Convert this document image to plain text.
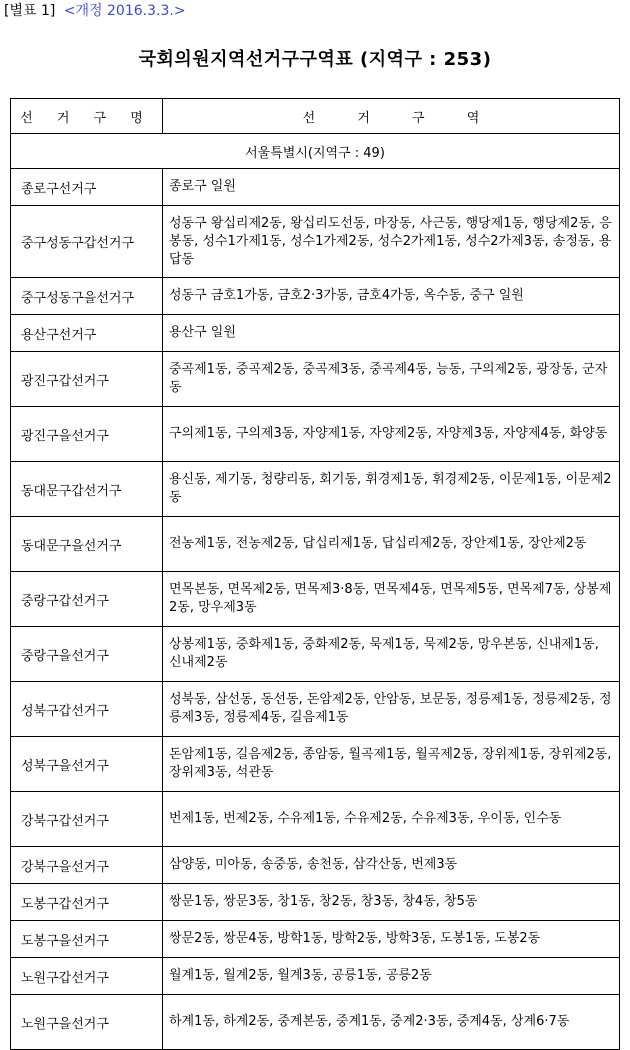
[별표 1] <개정 2016.3.3.>
국회의원지역선거구구역표 (지역구 : 253)
선 거 구 명	선 거 구 역
서울특별시(지역구 : 49)	
종로구선거구	종로구 일원
중구성동구갑선거구	성동구 왕십리제2동, 왕십리도선동, 마장동, 사근동, 행당제1동, 행당제2동, 응봉동, 성수1가제1동, 성수1가제2동, 성수2가제1동, 성수2가제3동, 송정동, 용답동
중구성동구을선거구	성동구 금호1가동, 금호2·3가동, 금호4가동, 옥수동, 중구 일원
용산구선거구	용산구 일원
광진구갑선거구	중곡제1동, 중곡제2동, 중곡제3동, 중곡제4동, 능동, 구의제2동, 광장동, 군자동
광진구을선거구	구의제1동, 구의제3동, 자양제1동, 자양제2동, 자양제3동, 자양제4동, 화양동
동대문구갑선거구	용신동, 제기동, 청량리동, 회기동, 휘경제1동, 휘경제2동, 이문제1동, 이문제2동
동대문구을선거구	전농제1동, 전농제2동, 답십리제1동, 답십리제2동, 장안제1동, 장안제2동
중랑구갑선거구	면목본동, 면목제2동, 면목제3·8동, 면목제4동, 면목제5동, 면목제7동, 상봉제2동, 망우제3동
중랑구을선거구	상봉제1동, 중화제1동, 중화제2동, 묵제1동, 묵제2동, 망우본동, 신내제1동, 신내제2동
성북구갑선거구	성북동, 삼선동, 동선동, 돈암제2동, 안암동, 보문동, 정릉제1동, 정릉제2동, 정릉제3동, 정릉제4동, 길음제1동
성북구을선거구	돈암제1동, 길음제2동, 종암동, 월곡제1동, 월곡제2동, 장위제1동, 장위제2동, 장위제3동, 석관동
강북구갑선거구	번제1동, 번제2동, 수유제1동, 수유제2동, 수유제3동, 우이동, 인수동
강북구을선거구	삼양동, 미아동, 송중동, 송천동, 삼각산동, 번제3동
도봉구갑선거구	쌍문1동, 쌍문3동, 창1동, 창2동, 창3동, 창4동, 창5동
도봉구을선거구	쌍문2동, 쌍문4동, 방학1동, 방학2동, 방학3동, 도봉1동, 도봉2동
노원구갑선거구	월계1동, 월계2동, 월계3동, 공릉1동, 공릉2동
노원구을선거구	하계1동, 하계2동, 중계본동, 중계1동, 중계2·3동, 중계4동, 상계6·7동
